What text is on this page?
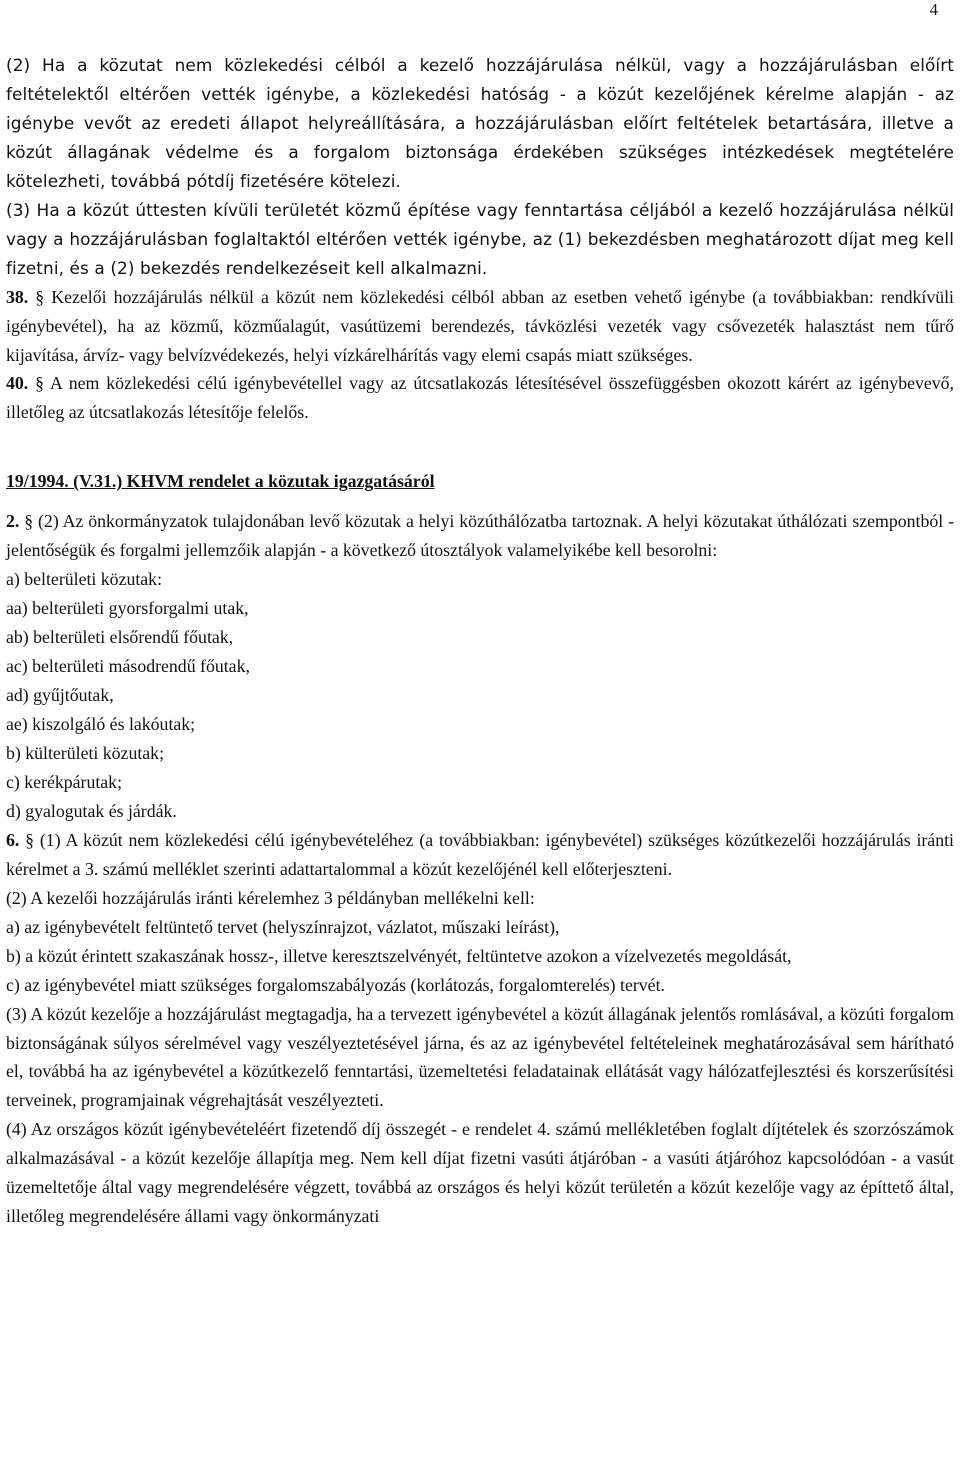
4

(2) Ha a közutat nem közlekedési célból a kezelő hozzájárulása nélkül, vagy a hozzájárulásban előírt feltételektől eltérően vették igénybe, a közlekedési hatóság - a közút kezelőjének kérelme alapján - az igénybe vevőt az eredeti állapot helyreállítására, a hozzájárulásban előírt feltételek betartására, illetve a közút állagának védelme és a forgalom biztonsága érdekében szükséges intézkedések megtételére kötelezheti, továbbá pótdíj fizetésére kötelezi.

(3) Ha a közút úttesten kívüli területét közmű építése vagy fenntartása céljából a kezelő hozzájárulása nélkül vagy a hozzájárulásban foglaltaktól eltérően vették igénybe, az (1) bekezdésben meghatározott díjat meg kell fizetni, és a (2) bekezdés rendelkezéseit kell alkalmazni.

38. § Kezelői hozzájárulás nélkül a közút nem közlekedési célból abban az esetben vehető igénybe (a továbbiakban: rendkívüli igénybevétel), ha az közmű, közműalagút, vasútüzemi berendezés, távközlési vezeték vagy csővezeték halasztást nem tűrő kijavítása, árvíz- vagy belvízvédekezés, helyi vízkárelhárítás vagy elemi csapás miatt szükséges.

40. § A nem közlekedési célú igénybevétellel vagy az útcsatlakozás létesítésével összefüggésben okozott kárért az igénybevevő, illetőleg az útcsatlakozás létesítője felelős.

19/1994. (V.31.) KHVM rendelet a közutak igazgatásáról

2. § (2) Az önkormányzatok tulajdonában levő közutak a helyi közúthálózatba tartoznak. A helyi közutakat úthálózati szempontból - jelentőségük és forgalmi jellemzőik alapján - a következő útosztályok valamelyikébe kell besorolni:

a) belterületi közutak:

aa) belterületi gyorsforgalmi utak,

ab) belterületi elsőrendű főutak,

ac) belterületi másodrendű főutak,

ad) gyűjtőutak,

ae) kiszolgáló és lakóutak;

b) külterületi közutak;

c) kerékpárutak;

d) gyalogutak és járdák.

6. § (1) A közút nem közlekedési célú igénybevételéhez (a továbbiakban: igénybevétel) szükséges közútkezelői hozzájárulás iránti kérelmet a 3. számú melléklet szerinti adattartalommal a közút kezelőjénél kell előterjeszteni.

(2) A kezelői hozzájárulás iránti kérelemhez 3 példányban mellékelni kell:

a) az igénybevételt feltüntető tervet (helyszínrajzot, vázlatot, műszaki leírást),

b) a közút érintett szakaszának hossz-, illetve keresztszelvényét, feltüntetve azokon a vízelvezetés megoldását,

c) az igénybevétel miatt szükséges forgalomszabályozás (korlátozás, forgalomterelés) tervét.

(3) A közút kezelője a hozzájárulást megtagadja, ha a tervezett igénybevétel a közút állagának jelentős romlásával, a közúti forgalom biztonságának súlyos sérelmével vagy veszélyeztetésével járna, és az az igénybevétel feltételeinek meghatározásával sem hárítható el, továbbá ha az igénybevétel a közútkezelő fenntartási, üzemeltetési feladatainak ellátását vagy hálózatfejlesztési és korszerűsítési terveinek, programjainak végrehajtását veszélyezteti.

(4) Az országos közút igénybevételéért fizetendő díj összegét - e rendelet 4. számú mellékletében foglalt díjtételek és szorzószámok alkalmazásával - a közút kezelője állapítja meg. Nem kell díjat fizetni vasúti átjáróban - a vasúti átjáróhoz kapcsolódóan - a vasút üzemeltetője által vagy megrendelésére végzett, továbbá az országos és helyi közút területén a közút kezelője vagy az építtető által, illetőleg megrendelésére állami vagy önkormányzati
